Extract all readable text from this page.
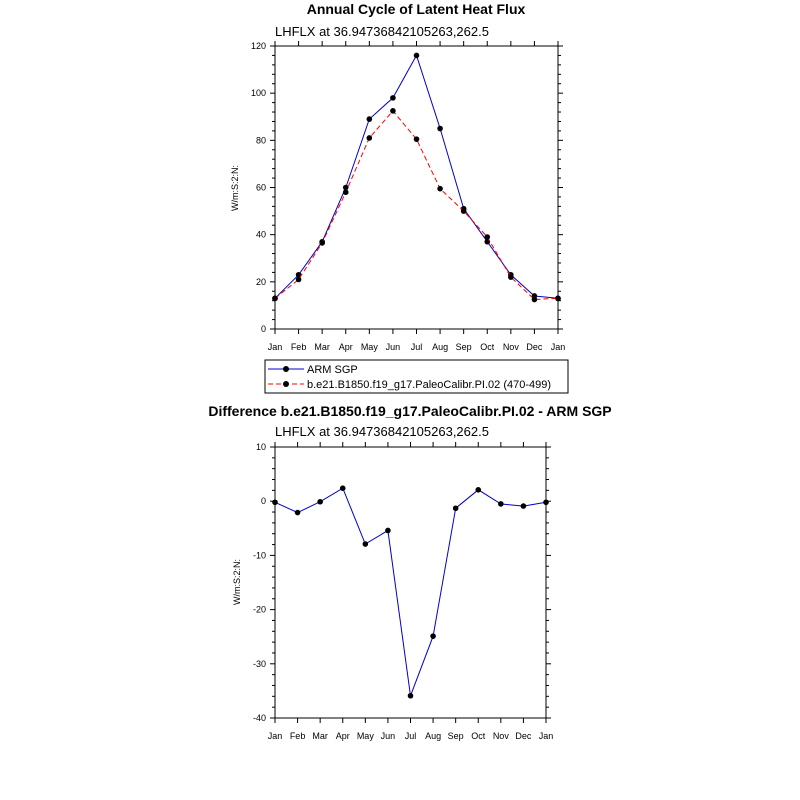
Annual Cycle of Latent Heat Flux
LHFLX at 36.94736842105263,262.5
W/m:S:2:N:
0
20
40
60
80
100
120
Jan Feb Mar Apr May Jun Jul Aug Sep Oct Nov Dec Jan
ARM SGP
b.e21.B1850.f19_g17.PaleoCalibr.PI.02 (470-499)
Difference b.e21.B1850.f19_g17.PaleoCalibr.PI.02 - ARM SGP
LHFLX at 36.94736842105263,262.5
W/m:S:2:N:
-40
-30
-20
-10
0
10
Jan Feb Mar Apr May Jun Jul Aug Sep Oct Nov Dec Jan
